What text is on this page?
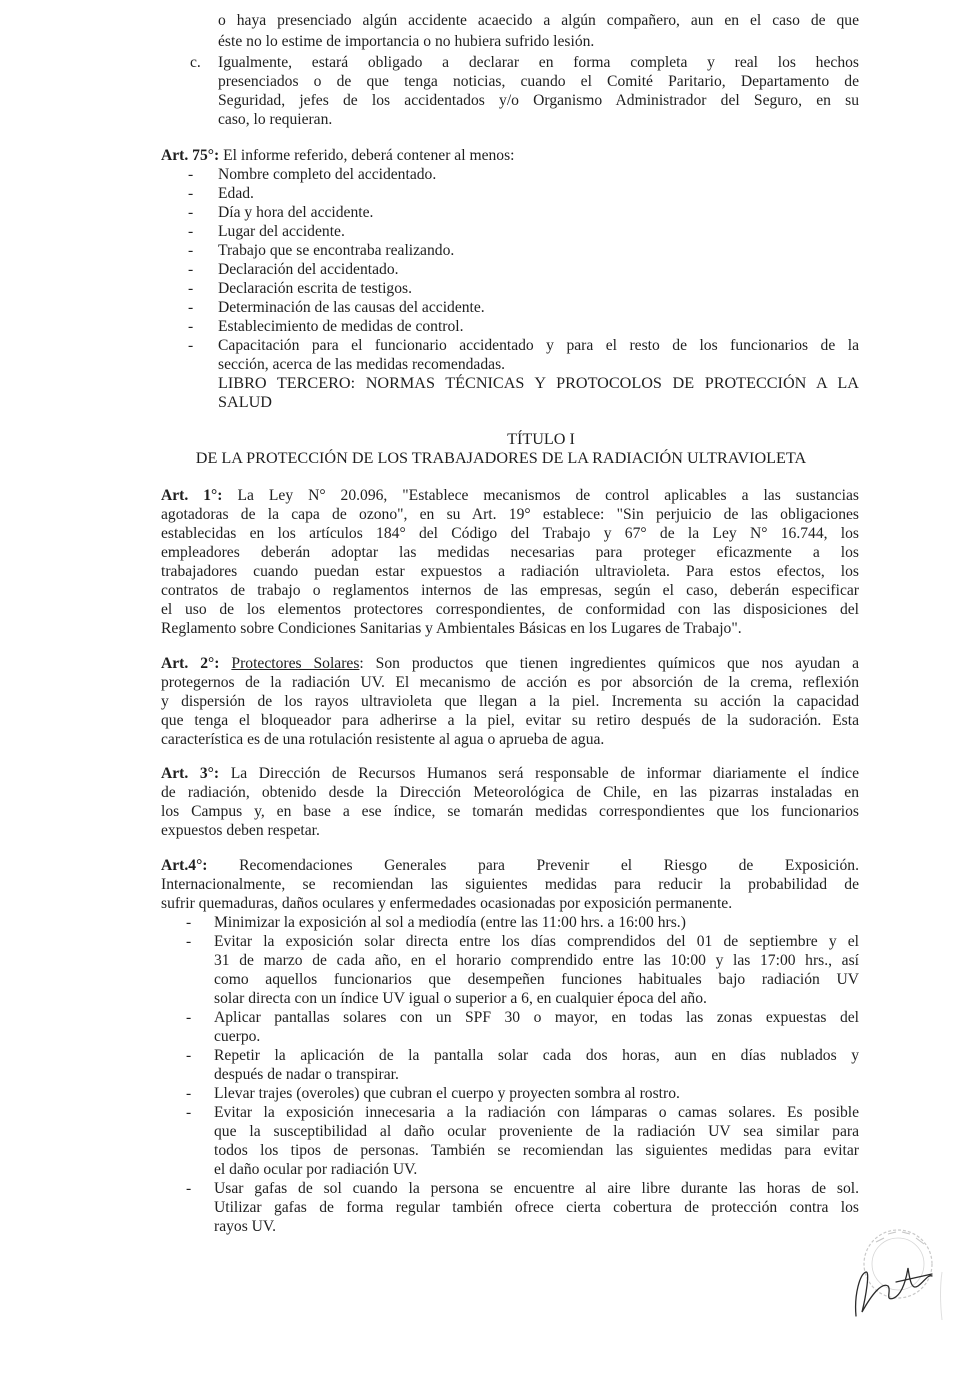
o haya presenciado algún accidente acaecido a algún compañero, aun en el caso de que
éste no lo estime de importancia o no hubiera sufrido lesión.
c. Igualmente, estará obligado a declarar en forma completa y real los hechos
presenciados o de que tenga noticias, cuando el Comité Paritario, Departamento de
Seguridad, jefes de los accidentados y/o Organismo Administrador del Seguro, en su
caso, lo requieran.
Art. 75°: El informe referido, deberá contener al menos:
- Nombre completo del accidentado.
- Edad.
- Día y hora del accidente.
- Lugar del accidente.
- Trabajo que se encontraba realizando.
- Declaración del accidentado.
- Declaración escrita de testigos.
- Determinación de las causas del accidente.
- Establecimiento de medidas de control.
- Capacitación para el funcionario accidentado y para el resto de los funcionarios de la
sección, acerca de las medidas recomendadas.
LIBRO TERCERO: NORMAS TÉCNICAS Y PROTOCOLOS DE PROTECCIÓN A LA
SALUD
TÍTULO I
DE LA PROTECCIÓN DE LOS TRABAJADORES DE LA RADIACIÓN ULTRAVIOLETA
Art. 1°: La Ley N° 20.096, "Establece mecanismos de control aplicables a las sustancias
agotadoras de la capa de ozono", en su Art. 19° establece: "Sin perjuicio de las obligaciones
establecidas en los artículos 184° del Código del Trabajo y 67° de la Ley N° 16.744, los
empleadores deberán adoptar las medidas necesarias para proteger eficazmente a los
trabajadores cuando puedan estar expuestos a radiación ultravioleta. Para estos efectos, los
contratos de trabajo o reglamentos internos de las empresas, según el caso, deberán especificar
el uso de los elementos protectores correspondientes, de conformidad con las disposiciones del
Reglamento sobre Condiciones Sanitarias y Ambientales Básicas en los Lugares de Trabajo".
Art. 2°: Protectores Solares: Son productos que tienen ingredientes químicos que nos ayudan a
protegernos de la radiación UV. El mecanismo de acción es por absorción de la crema, reflexión
y dispersión de los rayos ultravioleta que llegan a la piel. Incrementa su acción la capacidad
que tenga el bloqueador para adherirse a la piel, evitar su retiro después de la sudoración. Esta
característica es de una rotulación resistente al agua o aprueba de agua.
Art. 3°: La Dirección de Recursos Humanos será responsable de informar diariamente el índice
de radiación, obtenido desde la Dirección Meteorológica de Chile, en las pizarras instaladas en
los Campus y, en base a ese índice, se tomarán medidas correspondientes que los funcionarios
expuestos deben respetar.
Art.4°: Recomendaciones Generales para Prevenir el Riesgo de Exposición.
Internacionalmente, se recomiendan las siguientes medidas para reducir la probabilidad de
sufrir quemaduras, daños oculares y enfermedades ocasionadas por exposición permanente.
- Minimizar la exposición al sol a mediodía (entre las 11:00 hrs. a 16:00 hrs.)
- Evitar la exposición solar directa entre los días comprendidos del 01 de septiembre y el
31 de marzo de cada año, en el horario comprendido entre las 10:00 y las 17:00 hrs., así
como aquellos funcionarios que desempeñen funciones habituales bajo radiación UV
solar directa con un índice UV igual o superior a 6, en cualquier época del año.
- Aplicar pantallas solares con un SPF 30 o mayor, en todas las zonas expuestas del
cuerpo.
- Repetir la aplicación de la pantalla solar cada dos horas, aun en días nublados y
después de nadar o transpirar.
- Llevar trajes (overoles) que cubran el cuerpo y proyecten sombra al rostro.
- Evitar la exposición innecesaria a la radiación con lámparas o camas solares. Es posible
que la susceptibilidad al daño ocular proveniente de la radiación UV sea similar para
todos los tipos de personas. También se recomiendan las siguientes medidas para evitar
el daño ocular por radiación UV.
- Usar gafas de sol cuando la persona se encuentre al aire libre durante las horas de sol.
Utilizar gafas de forma regular también ofrece cierta cobertura de protección contra los
rayos UV.
